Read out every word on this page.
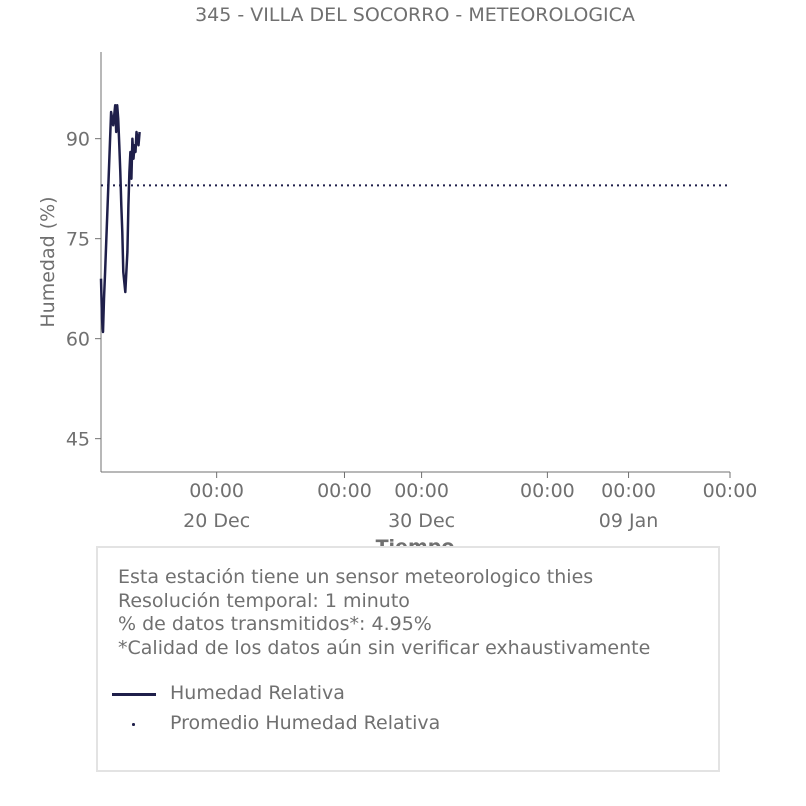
345 - VILLA DEL SOCORRO - METEOROLOGICA
45
60
75
90
00:00
20 Dec
00:00 00:00
30 Dec
00:00 00:00
09 Jan
00:00
Humedad (%)
Esta estación tiene un sensor meteorologico thies
Resolución temporal: 1 minuto
% de datos transmitidos*: 4.95%
*Calidad de los datos aún sin verificar exhaustivamente
Humedad Relativa
Promedio Humedad Relativa
